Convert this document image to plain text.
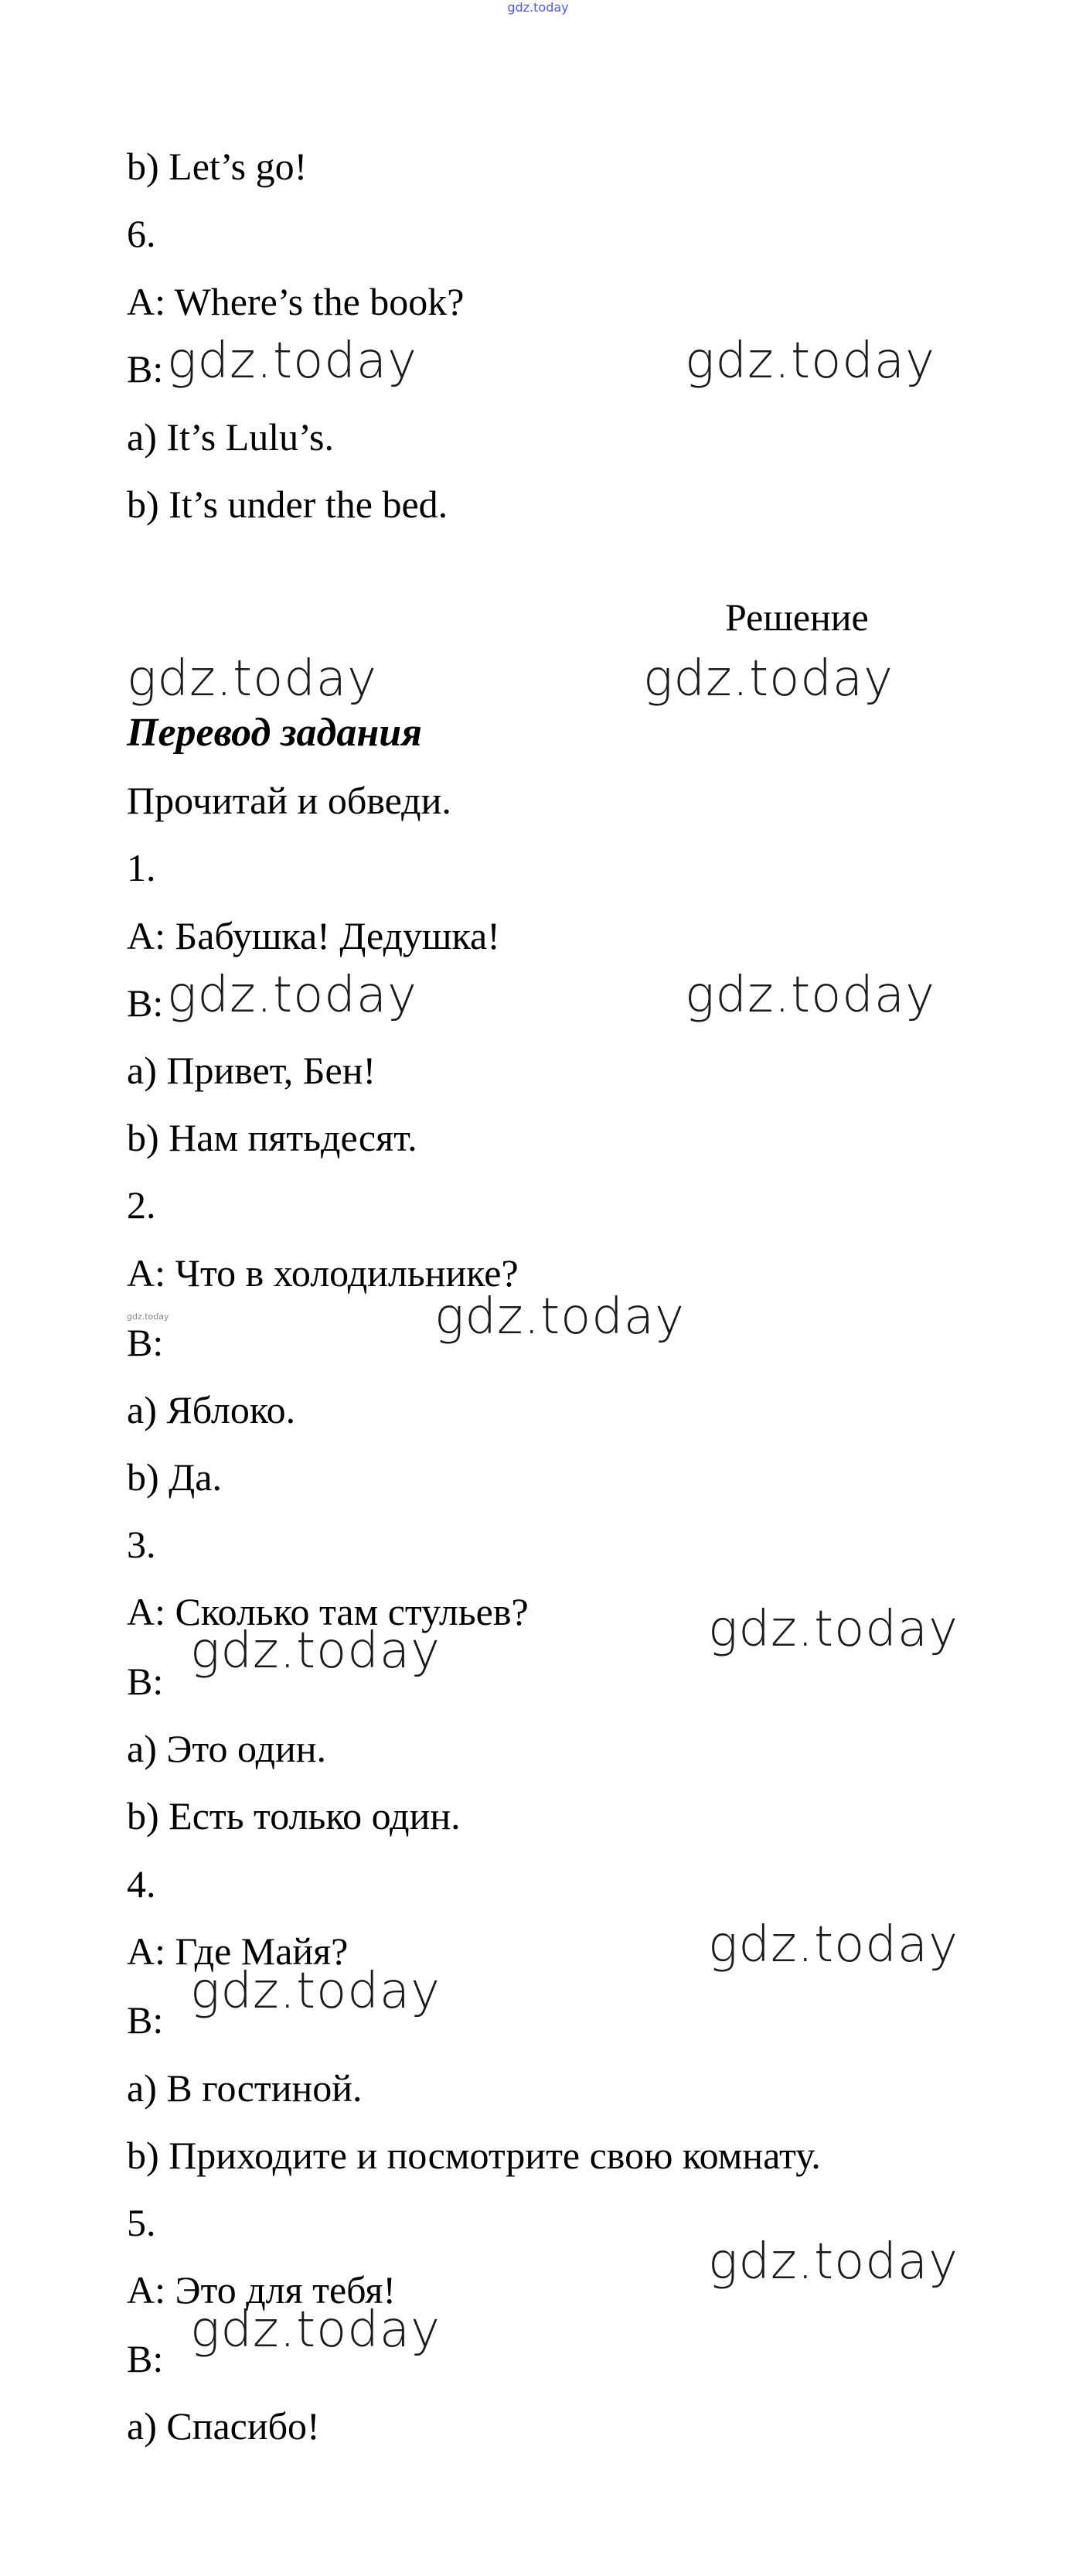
gdz.today
b) Let’s go!
6.
A: Where’s the book?
B: gdz.today	gdz.today
a) It’s Lulu’s.
b) It’s under the bed.
Решение
gdz.today	gdz.today
Перевод задания
Прочитай и обведи.
1.
A: Бабушка! Дедушка!
B: gdz.today	gdz.today
a) Привет, Бен!
b) Нам пятьдесят.
2.
A: Что в холодильнике?
gdz.today
B:	gdz.today
a) Яблоко.
b) Да.
3.
A: Сколько там стульев?	gdz.today
B:
gdz.today
a) Это один.
b) Есть только один.
4.
A: Где Майя?	gdz.today
B: gdz.today
a) В гостиной.
b) Приходите и посмотрите свою комнату.
5.
gdz.today
A: Это для тебя!
B: gdz.today
a) Спасибо!
